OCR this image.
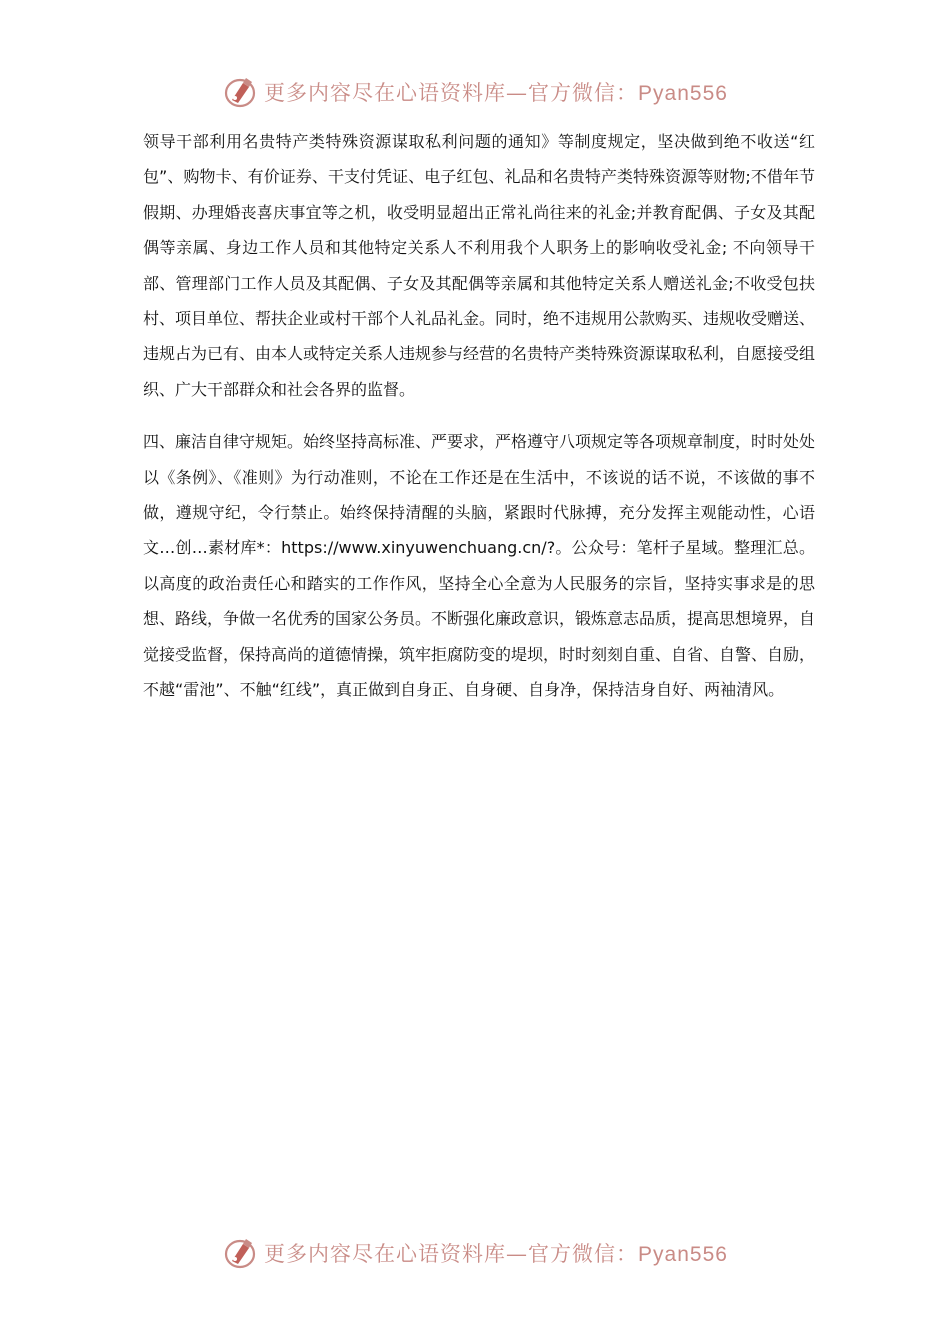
更多内容尽在心语资料库—官方微信：Pyan556

领导干部利用名贵特产类特殊资源谋取私利问题的通知》等制度规定，坚决做到绝不收送“红包”、购物卡、有价证券、干支付凭证、电子红包、礼品和名贵特产类特殊资源等财物;不借年节假期、办理婚丧喜庆事宜等之机，收受明显超出正常礼尚往来的礼金;并教育配偶、子女及其配偶等亲属、身边工作人员和其他特定关系人不利用我个人职务上的影响收受礼金; 不向领导干部、管理部门工作人员及其配偶、子女及其配偶等亲属和其他特定关系人赠送礼金;不收受包扶村、项目单位、帮扶企业或村干部个人礼品礼金。同时，绝不违规用公款购买、违规收受赠送、违规占为已有、由本人或特定关系人违规参与经营的名贵特产类特殊资源谋取私利，自愿接受组织、广大干部群众和社会各界的监督。

四、廉洁自律守规矩。始终坚持高标准、严要求，严格遵守八项规定等各项规章制度，时时处处以《条例》、《准则》为行动准则，不论在工作还是在生活中，不该说的话不说，不该做的事不做，遵规守纪，令行禁止。始终保持清醒的头脑，紧跟时代脉搏，充分发挥主观能动性，心语文…创…素材库*：https://www.xinyuwenchuang.cn/?。公众号：笔杆子星域。整理汇总。以高度的政治责任心和踏实的工作作风，坚持全心全意为人民服务的宗旨，坚持实事求是的思想、路线，争做一名优秀的国家公务员。不断强化廉政意识，锻炼意志品质，提高思想境界，自觉接受监督，保持高尚的道德情操，筑牢拒腐防变的堤坝，时时刻刻自重、自省、自警、自励，不越“雷池”、不触“红线”，真正做到自身正、自身硬、自身净，保持洁身自好、两袖清风。

更多内容尽在心语资料库—官方微信：Pyan556
